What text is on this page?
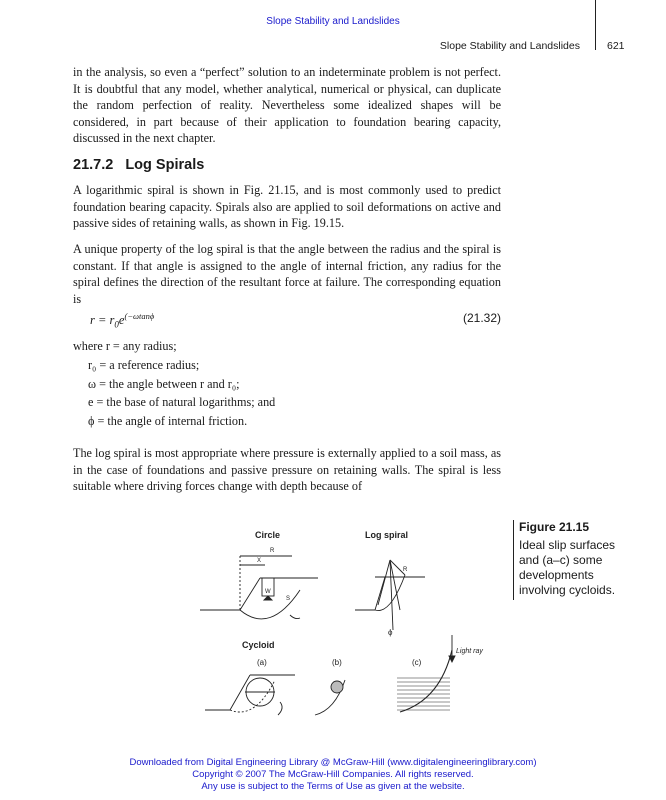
Slope Stability and Landslides
Slope Stability and Landslides	621

in the analysis, so even a “perfect” solution to an indeterminate problem is not perfect. It is doubtful that any model, whether analytical, numerical or physical, can duplicate the random perfection of reality. Nevertheless some idealized shapes will be considered, in part because of their application to foundation bearing capacity, discussed in the next chapter.

21.7.2 Log Spirals

A logarithmic spiral is shown in Fig. 21.15, and is most commonly used to predict foundation bearing capacity. Spirals also are applied to soil deformations on active and passive sides of retaining walls, as shown in Fig. 19.15.

A unique property of the log spiral is that the angle between the radius and the spiral is constant. If that angle is assigned to the angle of internal friction, any radius for the spiral defines the direction of the resultant force at failure. The corresponding equation is

$r = r_0e^{(-\omega tan\phi}$	(21.32)
where r = any radius;
r₀ = a reference radius;
ω = the angle between r and r₀;
e = the base of natural logarithms; and
ϕ = the angle of internal friction.

The log spiral is most appropriate where pressure is externally applied to a soil mass, as in the case of foundations and passive pressure on retaining walls. The spiral is less suitable where driving forces change with depth because of

Circle
R
X
W
S
Log spiral
R
ϕ
Cycloid
(a)	(b)	(c)
Light ray
Figure 21.15
Ideal slip surfaces and (a–c) some developments involving cycloids.
Downloaded from Digital Engineering Library @ McGraw-Hill (www.digitalengineeringlibrary.com)
Copyright © 2007 The McGraw-Hill Companies. All rights reserved.
Any use is subject to the Terms of Use as given at the website.
